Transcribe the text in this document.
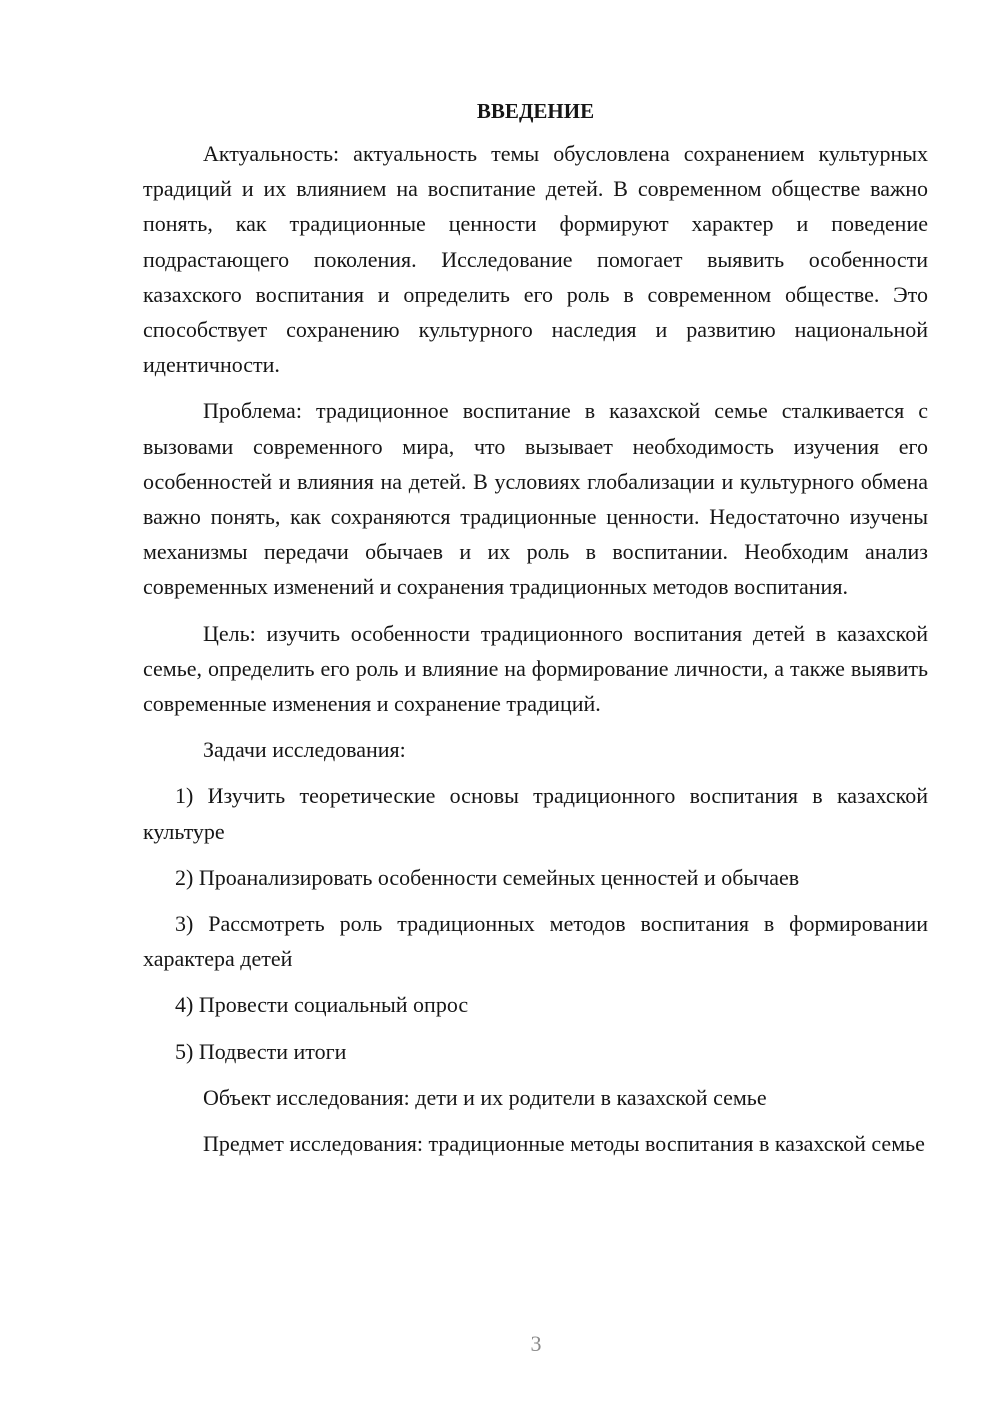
ВВЕДЕНИЕ

Актуальность: актуальность темы обусловлена сохранением культурных традиций и их влиянием на воспитание детей. В современном обществе важно понять, как традиционные ценности формируют характер и поведение подрастающего поколения. Исследование помогает выявить особенности казахского воспитания и определить его роль в современном обществе. Это способствует сохранению культурного наследия и развитию национальной идентичности.

Проблема: традиционное воспитание в казахской семье сталкивается с вызовами современного мира, что вызывает необходимость изучения его особенностей и влияния на детей. В условиях глобализации и культурного обмена важно понять, как сохраняются традиционные ценности. Недостаточно изучены механизмы передачи обычаев и их роль в воспитании. Необходим анализ современных изменений и сохранения традиционных методов воспитания.

Цель: изучить особенности традиционного воспитания детей в казахской семье, определить его роль и влияние на формирование личности, а также выявить современные изменения и сохранение традиций.

Задачи исследования:

1) Изучить теоретические основы традиционного воспитания в казахской культуре

2) Проанализировать особенности семейных ценностей и обычаев

3) Рассмотреть роль традиционных методов воспитания в формировании характера детей

4) Провести социальный опрос

5) Подвести итоги

Объект исследования: дети и их родители в казахской семье

Предмет исследования: традиционные методы воспитания в казахской семье

3
